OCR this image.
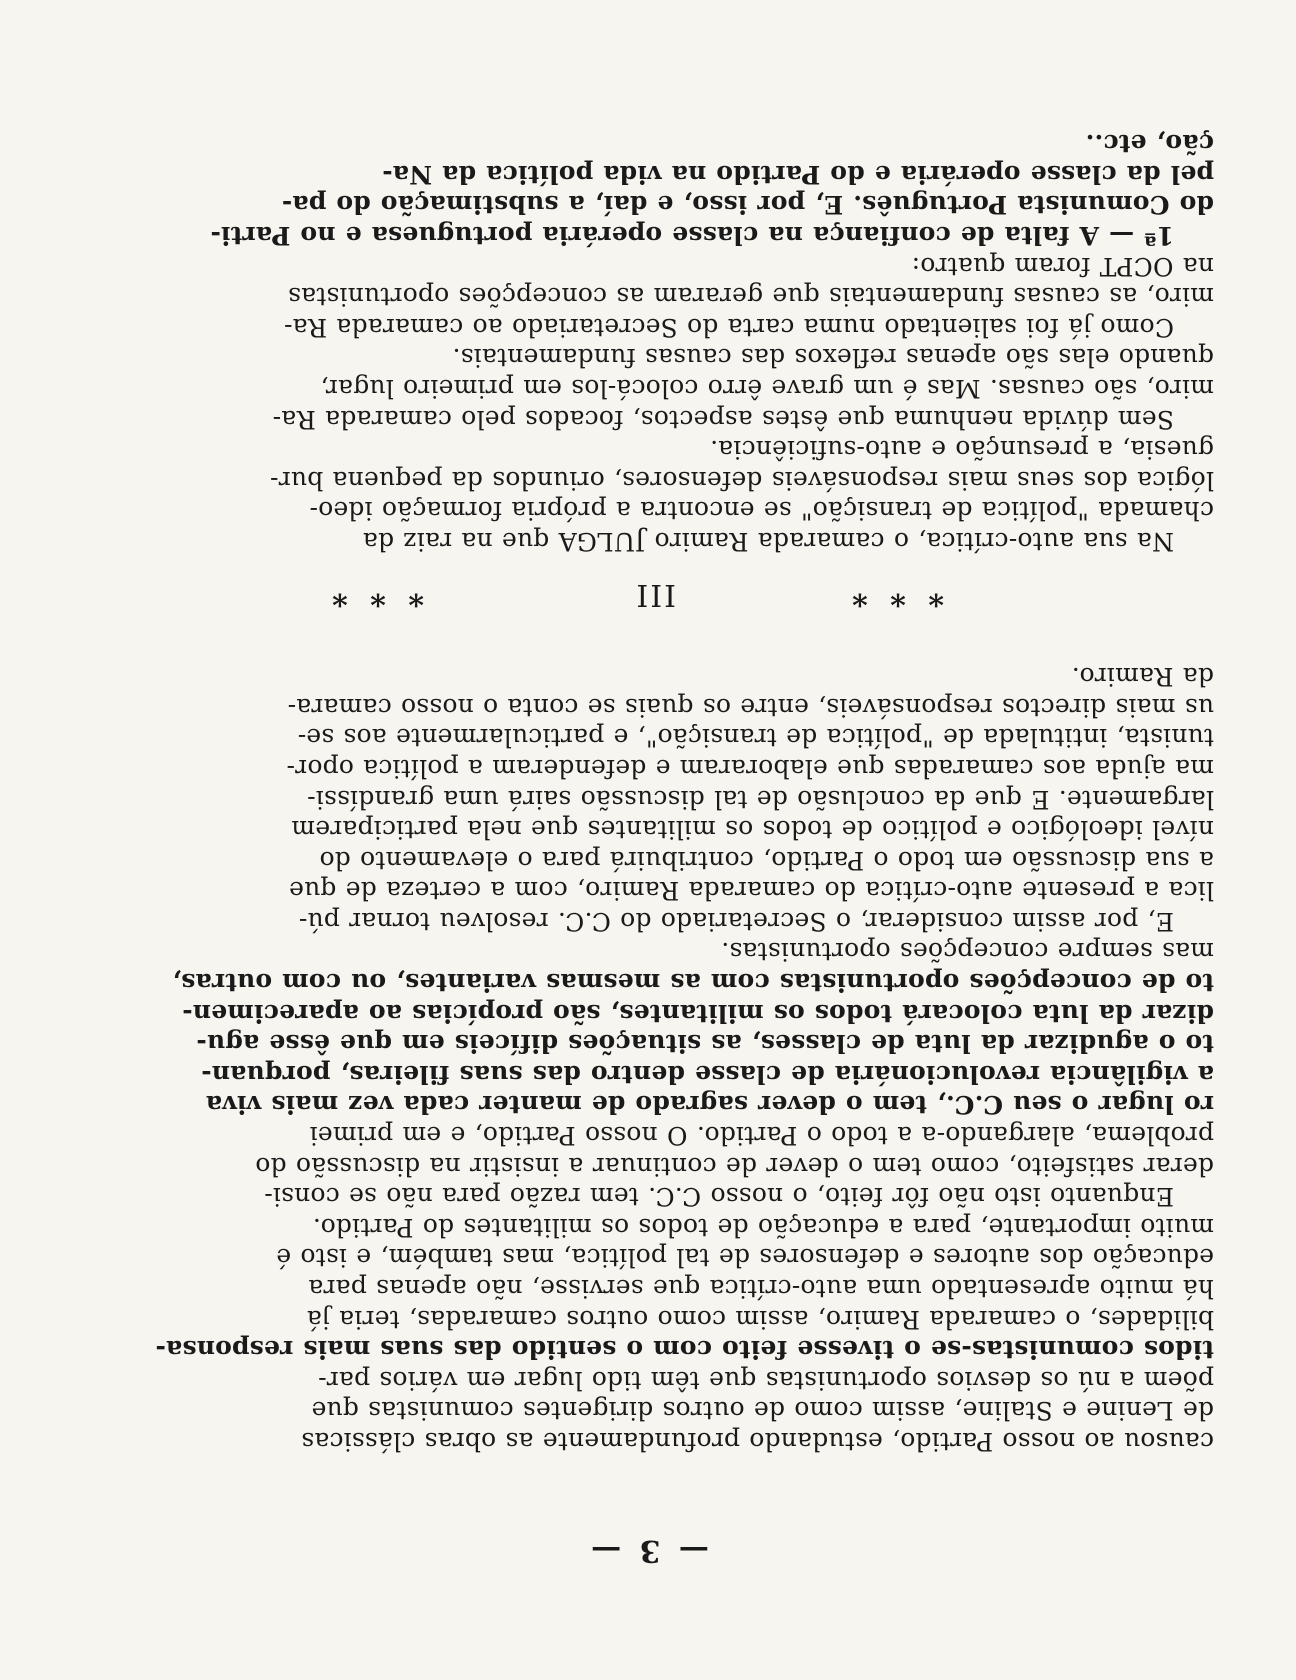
— 3 —
causou ao nosso Partido, estudando profundamente as obras clássicas
de Lenine e Staline, assim como de outros dirigentes comunistas que
põem a nú os desvios oportunistas que têm tido lugar em vários par-
tidos comunistas-se o tivesse feito com o sentido das suas mais responsa-
bilidades, o camarada Ramiro, assim como outros camaradas, teria já
há muito apresentado uma auto-crítica que servisse, não apenas para
educação dos autores e defensores de tal política, mas também, e isto é
muito importante, para a educação de todos os militantes do Partido.
Enquanto isto não fôr feito, o nosso C.C. tem razão para não se consi-
derar satisfeito, como tem o dever de continuar a insistir na discussão do
problema, alargando-a a todo o Partido. O nosso Partido, e em primei
ro lugar o seu C.C., tem o dever sagrado de manter cada vez mais viva
a vigilância revolucionária de classe dentro das suas fileiras, porquan-
to o agudizar da luta de classes, as situações difíceis em que êsse agu-
dizar da luta colocará todos os militantes, são propícias ao aparecimen-
to de concepções oportunistas com as mesmas variantes, ou com outras,
mas sempre concepções oportunistas.
E, por assim considerar, o Secretariado do C.C. resolveu tornar pú-
lica a presente auto-crítica do camarada Ramiro, com a certeza de que
a sua discussão em todo o Partido, contribuirá para o elevamento do
nível ideológico e político de todos os militantes que nela participarem
largamente. E que da conclusão de tal discussão sairá uma grandíssi-
ma ajuda aos camaradas que elaboraram e defenderam a política opor-
tunista, intitulada de "política de transição", e particularmente aos se-
us mais directos responsáveis, entre os quais se conta o nosso camara-
da Ramiro.
* * *
III
* * *
Na sua auto-crítica, o camarada Ramiro JULGA que na raiz da
chamada "política de transição" se encontra a própria formação ideo-
lógica dos seus mais responsáveis defensores, oriundos da pequena bur-
guesia, a presunção e auto-suficiência.
Sem dúvida nenhuma que êstes aspectos, focados pelo camarada Ra-
miro, são causas. Mas é um grave êrro colocá-los em primeiro lugar,
quando elas são apenas reflexos das causas fundamentais.
Como já foi salientado numa carta do Secretariado ao camarada Ra-
miro, as causas fundamentais que geraram as concepções oportunistas
na OCPT foram quatro:
1ª — A falta de confiança na classe operária portuguesa e no Parti-
do Comunista Português. E, por isso, e daí, a substimação do pa-
pel da classe operária e do Partido na vida política da Na-
ção, etc..
